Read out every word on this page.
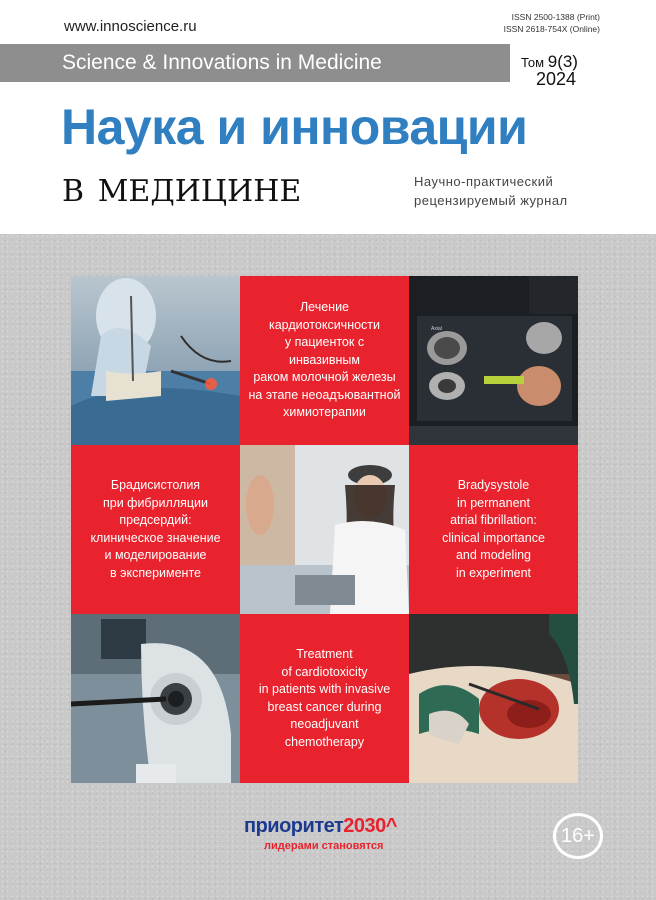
www.innoscience.ru
ISSN 2500-1388 (Print)
ISSN 2618-754X (Online)
Science & Innovations in Medicine	Том 9(3)
2024
Наука и инновации
в медицине	Научно-практический
рецензируемый журнал
Лечение
кардиотоксичности
у пациенток с инвазивным
раком молочной железы
на этапе неоадъювантной
химиотерапии
Axial
Брадисистолия
при фибрилляции
предсердий:
клиническое значение
и моделирование
в эксперименте
Bradysystole
in permanent
atrial fibrillation:
clinical importance
and modeling
in experiment
Treatment
of cardiotoxicity
in patients with invasive
breast cancer during
neoadjuvant
chemotherapy
приоритет2030^
лидерами становятся	16+
